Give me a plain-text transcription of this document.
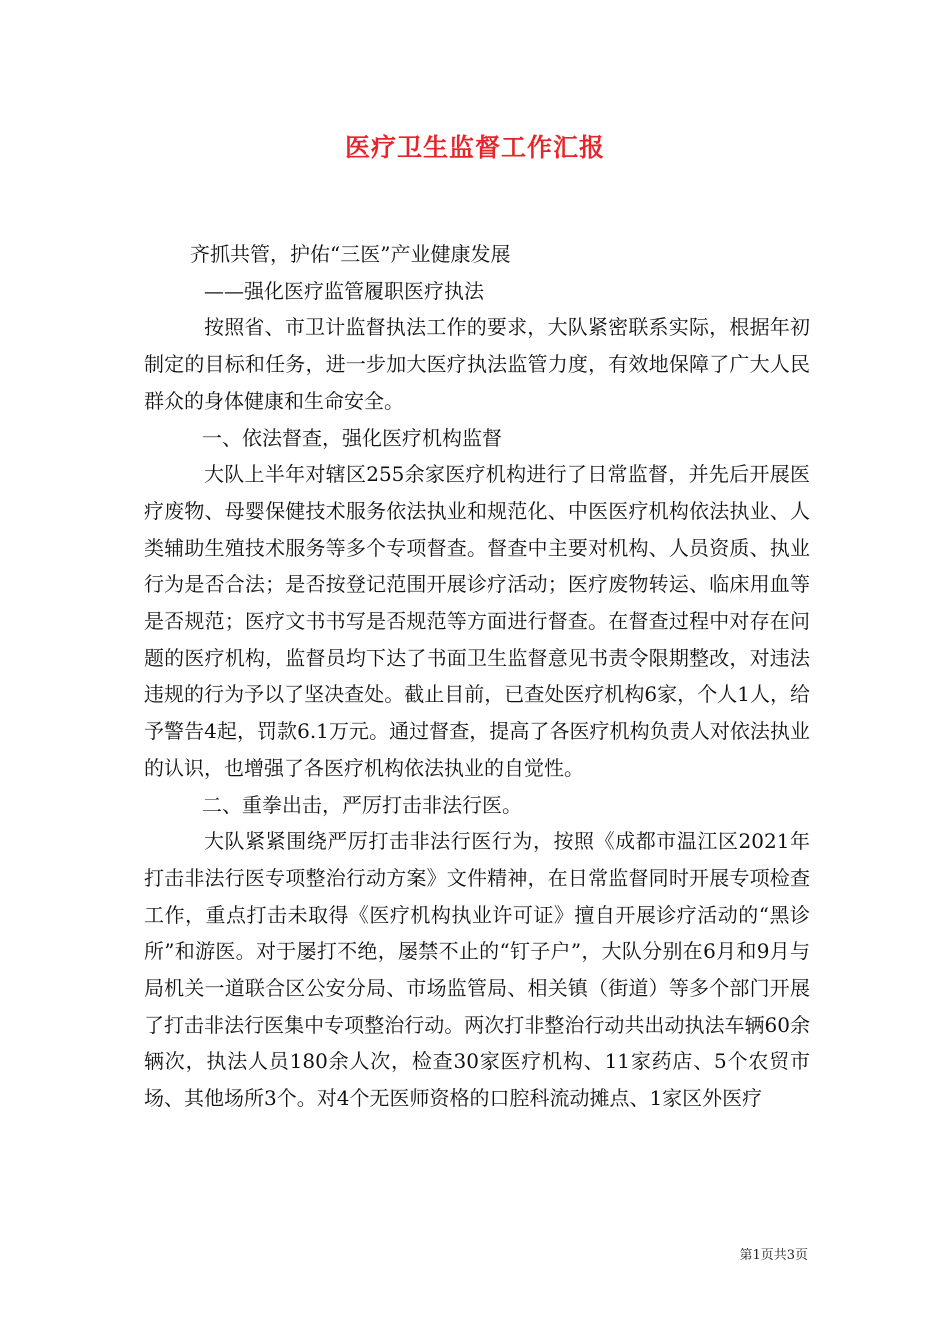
医疗卫生监督工作汇报

齐抓共管，护佑“三医”产业健康发展

——强化医疗监管履职医疗执法

按照省、市卫计监督执法工作的要求，大队紧密联系实际，根据年初制定的目标和任务，进一步加大医疗执法监管力度，有效地保障了广大人民群众的身体健康和生命安全。

一、依法督查，强化医疗机构监督

大队上半年对辖区255余家医疗机构进行了日常监督，并先后开展医疗废物、母婴保健技术服务依法执业和规范化、中医医疗机构依法执业、人类辅助生殖技术服务等多个专项督查。督查中主要对机构、人员资质、执业行为是否合法；是否按登记范围开展诊疗活动；医疗废物转运、临床用血等是否规范；医疗文书书写是否规范等方面进行督查。在督查过程中对存在问题的医疗机构，监督员均下达了书面卫生监督意见书责令限期整改，对违法违规的行为予以了坚决查处。截止目前，已查处医疗机构6家，个人1人，给予警告4起，罚款6.1万元。通过督查，提高了各医疗机构负责人对依法执业的认识，也增强了各医疗机构依法执业的自觉性。

二、重拳出击，严厉打击非法行医。

大队紧紧围绕严厉打击非法行医行为，按照《成都市温江区2021年打击非法行医专项整治行动方案》文件精神，在日常监督同时开展专项检查工作，重点打击未取得《医疗机构执业许可证》擅自开展诊疗活动的“黑诊所”和游医。对于屡打不绝，屡禁不止的“钉子户”，大队分别在6月和9月与局机关一道联合区公安分局、市场监管局、相关镇（街道）等多个部门开展了打击非法行医集中专项整治行动。两次打非整治行动共出动执法车辆60余辆次，执法人员180余人次，检查30家医疗机构、11家药店、5个农贸市场、其他场所3个。对4个无医师资格的口腔科流动摊点、1家区外医疗

第1页共3页
